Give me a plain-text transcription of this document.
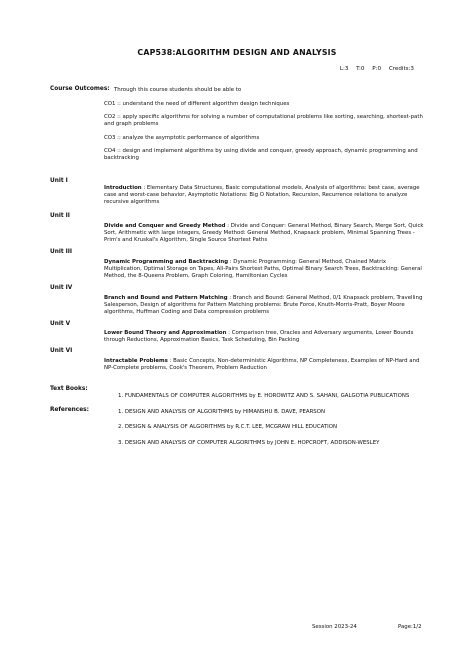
CAP538:ALGORITHM DESIGN AND ANALYSIS
L:3 T:0 P:0 Credits:3
Course Outcomes: Through this course students should be able to
CO1 :: understand the need of different algorithm design techniques
CO2 :: apply specific algorithms for solving a number of computational problems like sorting, searching, shortest-path and graph problems
CO3 :: analyze the asymptotic performance of algorithms
CO4 :: design and implement algorithms by using divide and conquer, greedy approach, dynamic programming and backtracking
Unit I
Introduction : Elementary Data Structures, Basic computational models, Analysis of algorithms: best case, average case and worst-case behavior, Asymptotic Notations: Big O Notation, Recursion, Recurrence relations to analyze recursive algorithms
Unit II
Divide and Conquer and Greedy Method : Divide and Conquer: General Method, Binary Search, Merge Sort, Quick Sort, Arithmetic with large integers, Greedy Method: General Method, Knapsack problem, Minimal Spanning Trees - Prim's and Kruskal's Algorithm, Single Source Shortest Paths
Unit III
Dynamic Programming and Backtracking : Dynamic Programming: General Method, Chained Matrix Multiplication, Optimal Storage on Tapes, All-Pairs Shortest Paths, Optimal Binary Search Trees, Backtracking: General Method, the 8-Queens Problem, Graph Coloring, Hamiltonian Cycles
Unit IV
Branch and Bound and Pattern Matching : Branch and Bound: General Method, 0/1 Knapsack problem, Travelling Salesperson, Design of algorithms for Pattern Matching problems: Brute Force, Knuth-Morris-Pratt, Boyer Moore algorithms, Huffman Coding and Data compression problems
Unit V
Lower Bound Theory and Approximation : Comparison tree, Oracles and Adversary arguments, Lower Bounds through Reductions, Approximation Basics, Task Scheduling, Bin Packing
Unit VI
Intractable Problems : Basic Concepts, Non-deterministic Algorithms, NP Completeness, Examples of NP-Hard and NP-Complete problems, Cook's Theorem, Problem Reduction
Text Books:
1. FUNDAMENTALS OF COMPUTER ALGORITHMS by E. HOROWITZ AND S. SAHANI, GALGOTIA PUBLICATIONS
References:	1. DESIGN AND ANALYSIS OF ALGORITHMS by HIMANSHU B. DAVE, PEARSON
2. DESIGN & ANALYSIS OF ALGORITHMS by R.C.T. LEE, MCGRAW HILL EDUCATION
3. DESIGN AND ANALYSIS OF COMPUTER ALGORITHMS by JOHN E. HOPCROFT, ADDISON-WESLEY
Session 2023-24	Page:1/2
